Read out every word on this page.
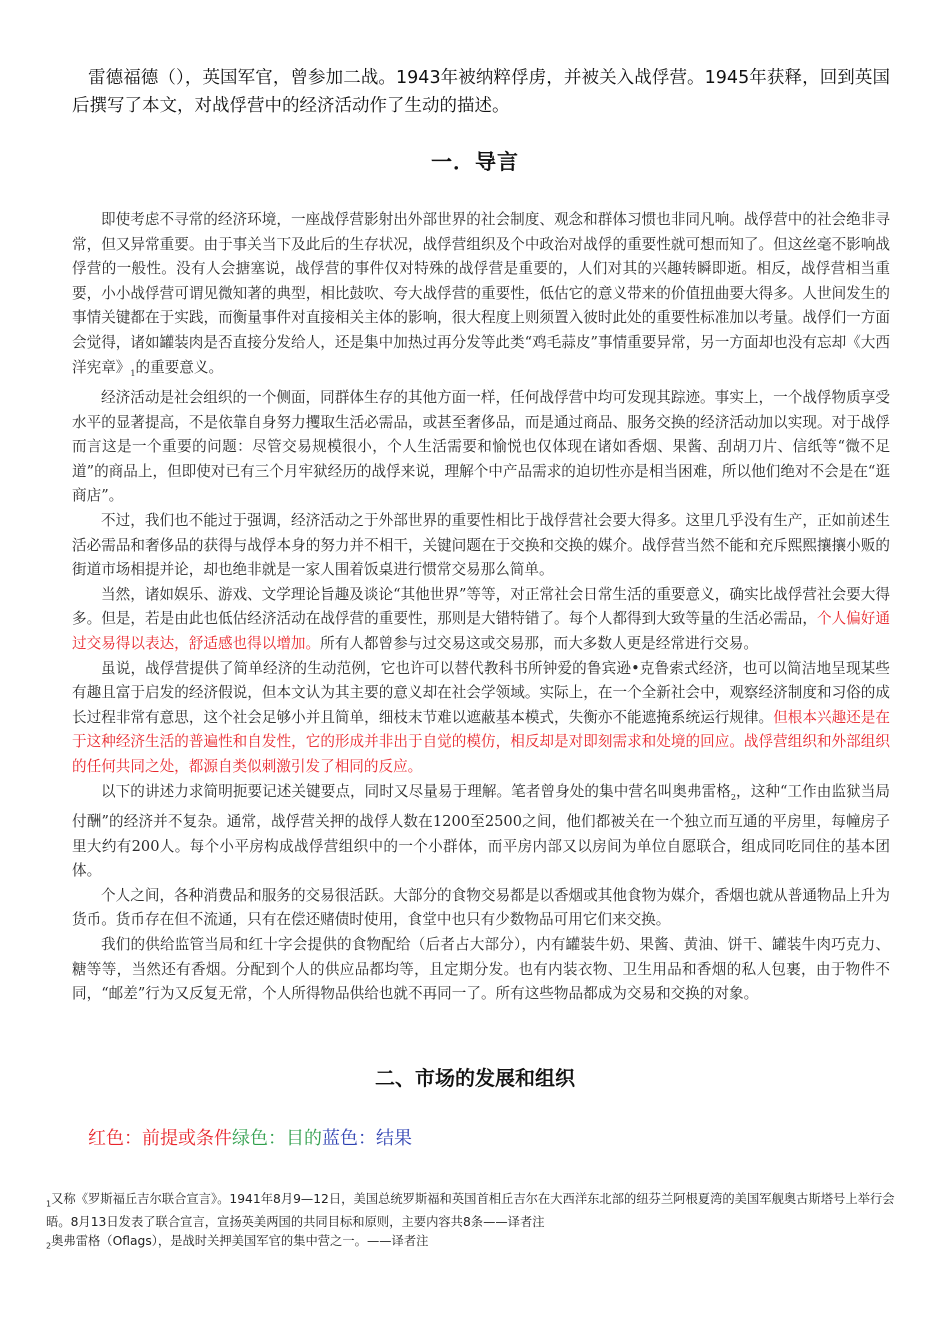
雷德福德（），英国军官，曾参加二战。1943年被纳粹俘虏，并被关入战俘营。1945年获释，回到英国后撰写了本文，对战俘营中的经济活动作了生动的描述。

一．导言

即使考虑不寻常的经济环境，一座战俘营影射出外部世界的社会制度、观念和群体习惯也非同凡响。战俘营中的社会绝非寻常，但又异常重要。由于事关当下及此后的生存状况，战俘营组织及个中政治对战俘的重要性就可想而知了。但这丝毫不影响战俘营的一般性。没有人会搪塞说，战俘营的事件仅对特殊的战俘营是重要的，人们对其的兴趣转瞬即逝。相反，战俘营相当重要，小小战俘营可谓见微知著的典型，相比鼓吹、夸大战俘营的重要性，低估它的意义带来的价值扭曲要大得多。人世间发生的事情关键都在于实践，而衡量事件对直接相关主体的影响，很大程度上则须置入彼时此处的重要性标准加以考量。战俘们一方面会觉得，诸如罐装肉是否直接分发给人，还是集中加热过再分发等此类“鸡毛蒜皮”事情重要异常，另一方面却也没有忘却《大西洋宪章》$_1$的重要意义。

经济活动是社会组织的一个侧面，同群体生存的其他方面一样，任何战俘营中均可发现其踪迹。事实上，一个战俘物质享受水平的显著提高，不是依靠自身努力攫取生活必需品，或甚至奢侈品，而是通过商品、服务交换的经济活动加以实现。对于战俘而言这是一个重要的问题：尽管交易规模很小，个人生活需要和愉悦也仅体现在诸如香烟、果酱、刮胡刀片、信纸等“微不足道”的商品上，但即使对已有三个月牢狱经历的战俘来说，理解个中产品需求的迫切性亦是相当困难，所以他们绝对不会是在“逛商店”。

不过，我们也不能过于强调，经济活动之于外部世界的重要性相比于战俘营社会要大得多。这里几乎没有生产，正如前述生活必需品和奢侈品的获得与战俘本身的努力并不相干，关键问题在于交换和交换的媒介。战俘营当然不能和充斥熙熙攘攘小贩的街道市场相提并论，却也绝非就是一家人围着饭桌进行惯常交易那么简单。

当然，诸如娱乐、游戏、文学理论旨趣及谈论“其他世界”等等，对正常社会日常生活的重要意义，确实比战俘营社会要大得多。但是，若是由此也低估经济活动在战俘营的重要性，那则是大错特错了。每个人都得到大致等量的生活必需品，个人偏好通过交易得以表达，舒适感也得以增加。所有人都曾参与过交易这或交易那，而大多数人更是经常进行交易。

虽说，战俘营提供了简单经济的生动范例，它也许可以替代教科书所钟爱的鲁宾逊•克鲁索式经济，也可以简洁地呈现某些有趣且富于启发的经济假说，但本文认为其主要的意义却在社会学领域。实际上，在一个全新社会中，观察经济制度和习俗的成长过程非常有意思，这个社会足够小并且简单，细枝末节难以遮蔽基本模式，失衡亦不能遮掩系统运行规律。但根本兴趣还是在于这种经济生活的普遍性和自发性，它的形成并非出于自觉的模仿，相反却是对即刻需求和处境的回应。战俘营组织和外部组织的任何共同之处，都源自类似刺激引发了相同的反应。

以下的讲述力求简明扼要记述关键要点，同时又尽量易于理解。笔者曾身处的集中营名叫奥弗雷格$_2$，这种“工作由监狱当局付酬”的经济并不复杂。通常，战俘营关押的战俘人数在1200至2500之间，他们都被关在一个独立而互通的平房里，每幢房子里大约有200人。每个小平房构成战俘营组织中的一个小群体，而平房内部又以房间为单位自愿联合，组成同吃同住的基本团体。

个人之间，各种消费品和服务的交易很活跃。大部分的食物交易都是以香烟或其他食物为媒介，香烟也就从普通物品上升为货币。货币存在但不流通，只有在偿还赌债时使用，食堂中也只有少数物品可用它们来交换。

我们的供给监管当局和红十字会提供的食物配给（后者占大部分），内有罐装牛奶、果酱、黄油、饼干、罐装牛肉巧克力、糖等等，当然还有香烟。分配到个人的供应品都均等，且定期分发。也有内装衣物、卫生用品和香烟的私人包裹，由于物件不同，“邮差”行为又反复无常，个人所得物品供给也就不再同一了。所有这些物品都成为交易和交换的对象。

二、市场的发展和组织
红色：前提或条件绿色：目的蓝色：结果

$_1$又称《罗斯福丘吉尔联合宣言》。1941年8月9—12日，美国总统罗斯福和英国首相丘吉尔在大西洋东北部的纽芬兰阿根夏湾的美国军舰奥古斯塔号上举行会晤。8月13日发表了联合宣言，宣扬英美两国的共同目标和原则，主要内容共8条——译者注

$_2$奥弗雷格（Oflags），是战时关押美国军官的集中营之一。——译者注
